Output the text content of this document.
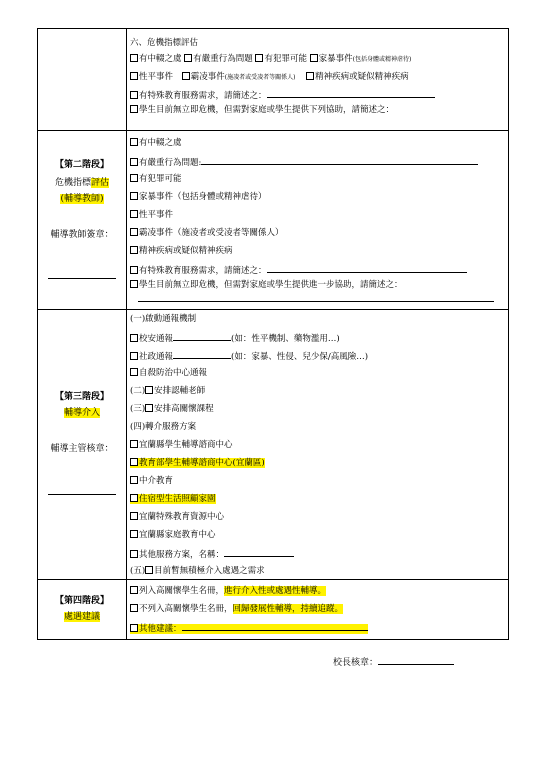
六、危機指標評估
有中輟之虞 有嚴重行為問題 有犯罪可能 家暴事件(包括身體或精神虐待)
性平事件 霸凌事件(施凌者或受凌者等關係人) 精神疾病或疑似精神疾病
有特殊教育服務需求，請簡述之：
學生目前無立即危機，但需對家庭或學生提供下列協助，請簡述之：
【第二階段】
危機指標評估
(輔導教師)
輔導教師簽章：
有中輟之虞
有嚴重行為問題:
有犯罪可能
家暴事件（包括身體或精神虐待）
性平事件
霸凌事件（施凌者或受凌者等關係人）
精神疾病或疑似精神疾病
有特殊教育服務需求，請簡述之：
學生目前無立即危機，但需對家庭或學生提供進一步協助，請簡述之：
【第三階段】
輔導介入
輔導主管核章：
(一)啟動通報機制
校安通報	(如：性平機制、藥物濫用…)
社政通報	(如：家暴、性侵、兒少保/高風險…)
自殺防治中心通報
(二) 安排認輔老師
(三) 安排高關懷課程
(四)轉介服務方案
宜蘭縣學生輔導諮商中心
教育部學生輔導諮商中心(宜蘭區)
中介教育
住宿型生活照顧家園
宜蘭特殊教育資源中心
宜蘭縣家庭教育中心
其他服務方案，名稱：
(五) 目前暫無積極介入處遇之需求
【第四階段】
處遇建議
列入高關懷學生名冊，進行介入性或處遇性輔導。
不列入高關懷學生名冊，回歸發展性輔導，持續追蹤。
其他建議：
校長核章：
